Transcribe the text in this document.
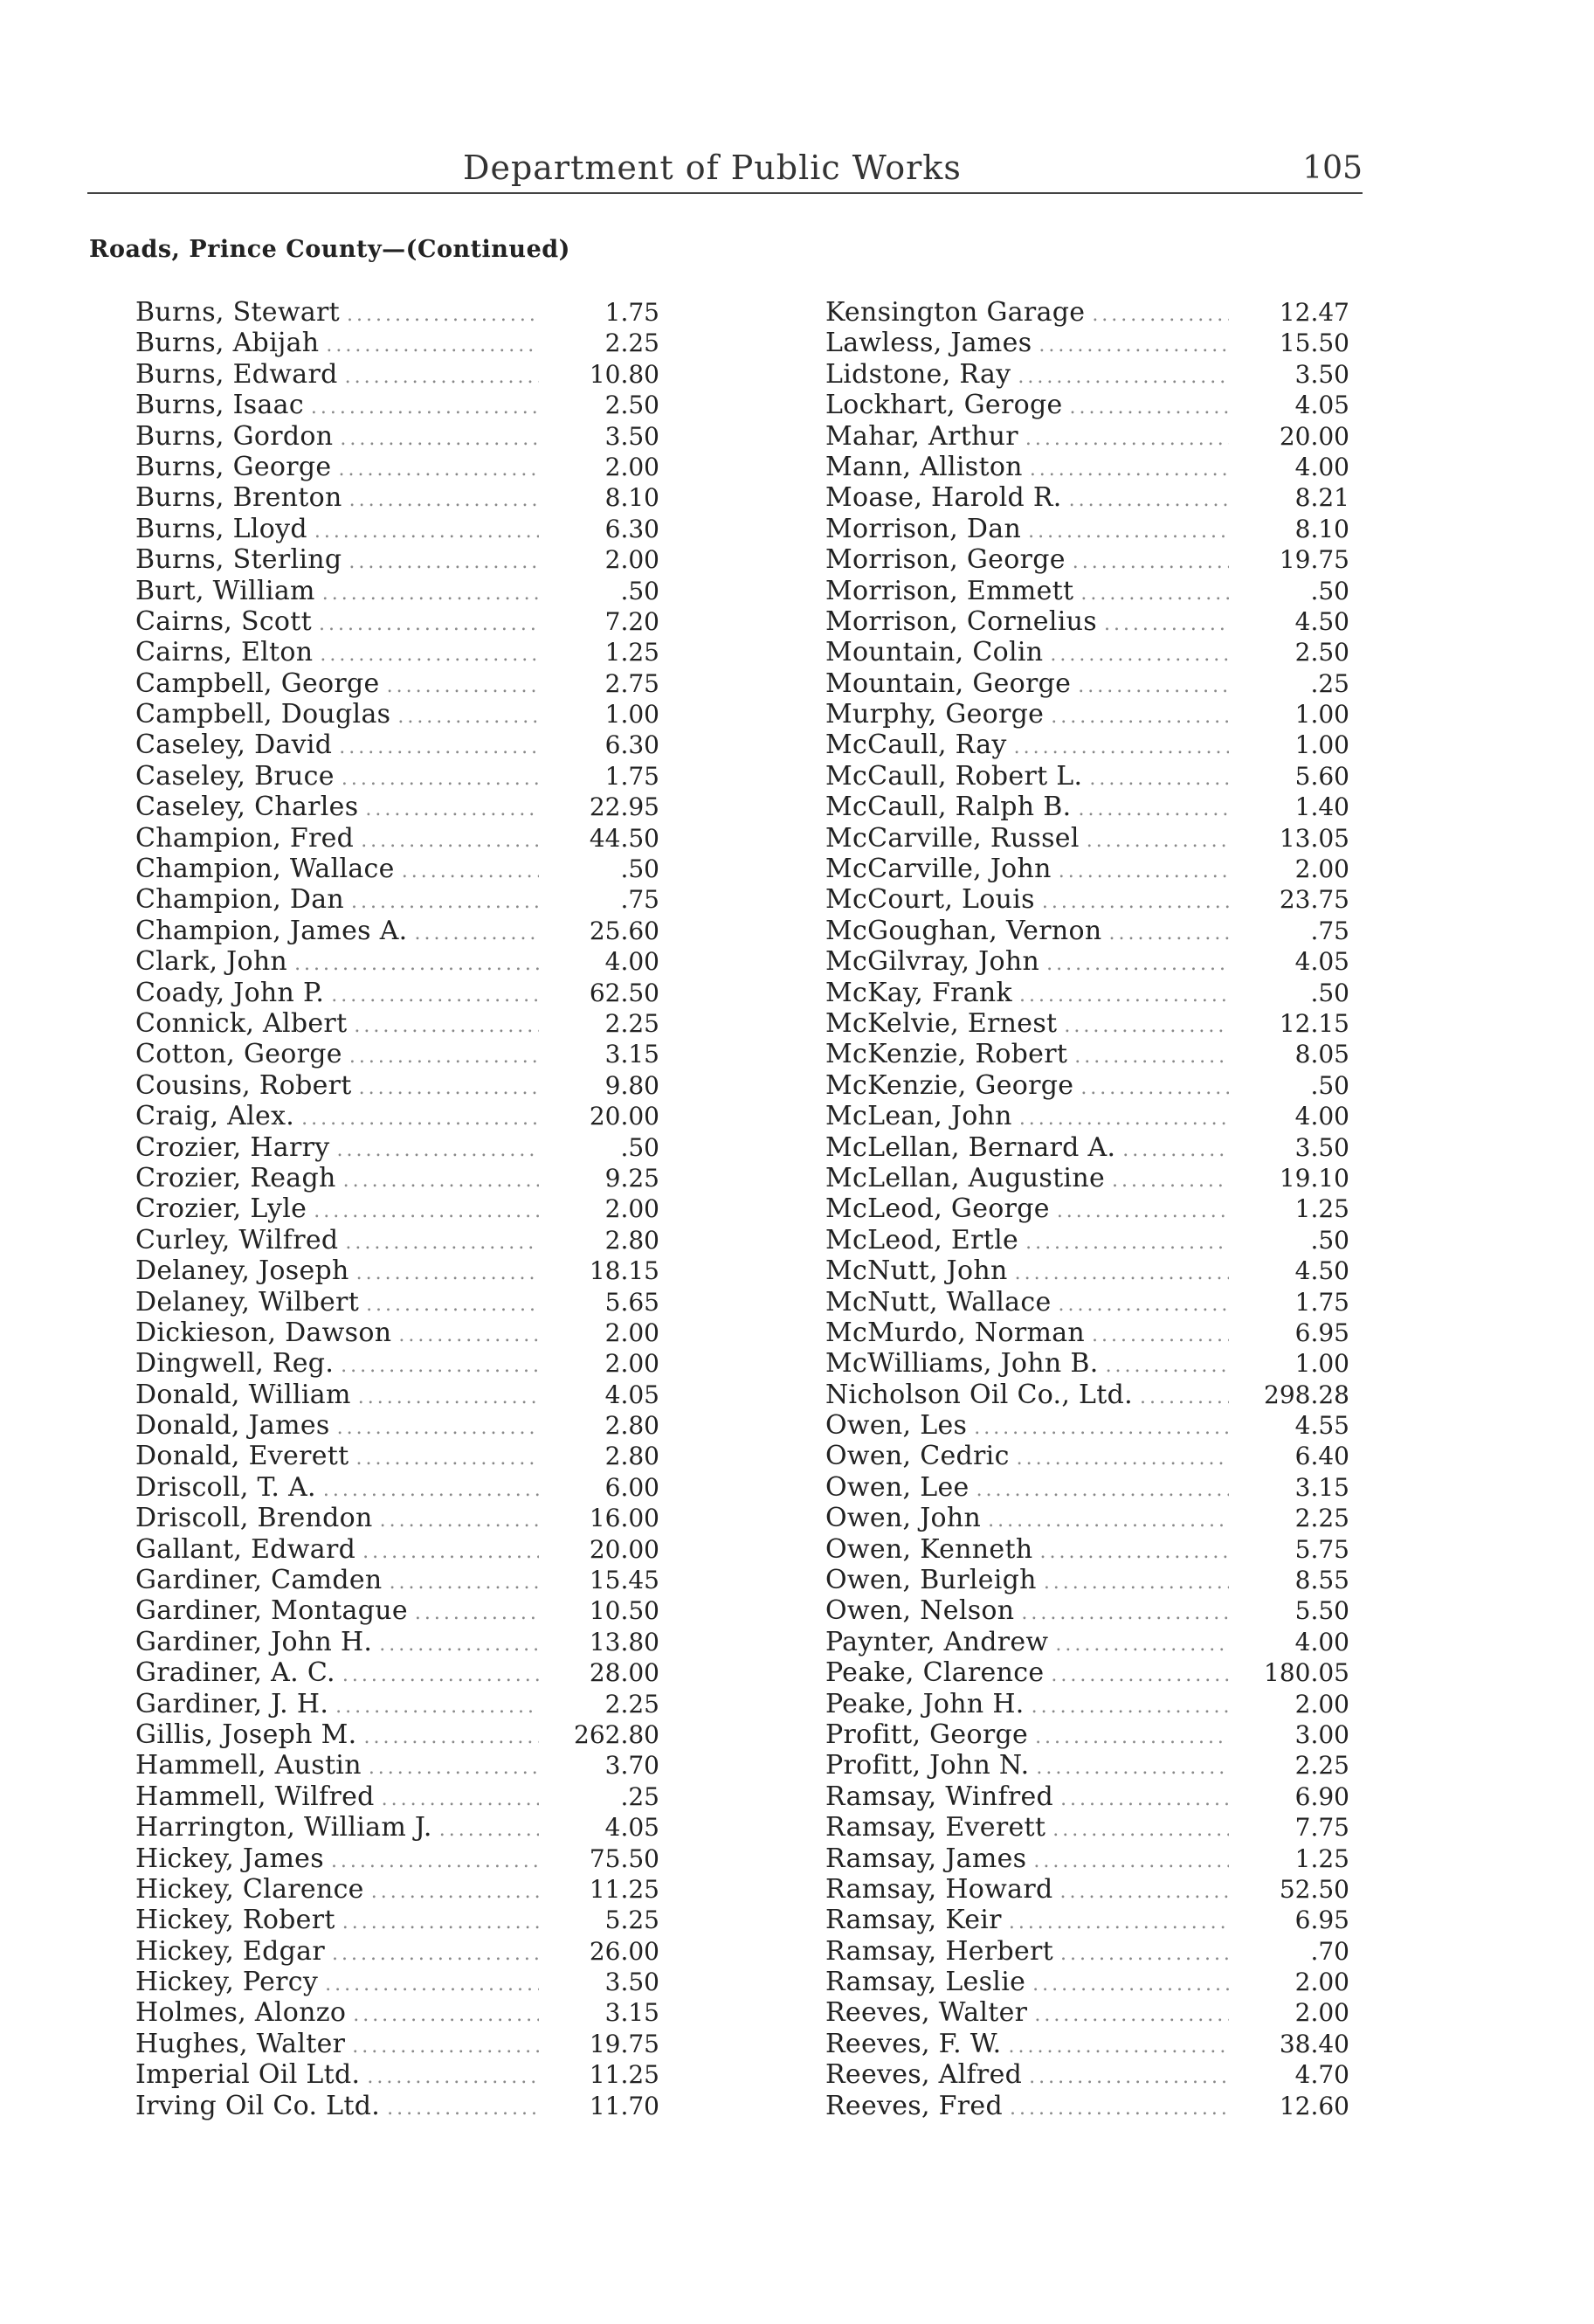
Department of Public Works	105
Roads, Prince County—(Continued)
Burns, Stewart .....	1.75
Burns, Abijah .....	2.25
Burns, Edward .....	10.80
Burns, Isaac .....	2.50
Burns, Gordon .....	3.50
Burns, George .....	2.00
Burns, Brenton .....	8.10
Burns, Lloyd .....	6.30
Burns, Sterling .....	2.00
Burt, William .....	.50
Cairns, Scott .....	7.20
Cairns, Elton .....	1.25
Campbell, George .....	2.75
Campbell, Douglas .....	1.00
Caseley, David .....	6.30
Caseley, Bruce .....	1.75
Caseley, Charles .....	22.95
Champion, Fred .....	44.50
Champion, Wallace .....	.50
Champion, Dan .....	.75
Champion, James A. .....	25.60
Clark, John .....	4.00
Coady, John P. .....	62.50
Connick, Albert .....	2.25
Cotton, George .....	3.15
Cousins, Robert .....	9.80
Craig, Alex. .....	20.00
Crozier, Harry .....	.50
Crozier, Reagh .....	9.25
Crozier, Lyle .....	2.00
Curley, Wilfred .....	2.80
Delaney, Joseph .....	18.15
Delaney, Wilbert .....	5.65
Dickieson, Dawson .....	2.00
Dingwell, Reg. .....	2.00
Donald, William .....	4.05
Donald, James .....	2.80
Donald, Everett .....	2.80
Driscoll, T. A. .....	6.00
Driscoll, Brendon .....	16.00
Gallant, Edward .....	20.00
Gardiner, Camden .....	15.45
Gardiner, Montague .....	10.50
Gardiner, John H. .....	13.80
Gradiner, A. C. .....	28.00
Gardiner, J. H. .....	2.25
Gillis, Joseph M. .....	262.80
Hammell, Austin .....	3.70
Hammell, Wilfred .....	.25
Harrington, William J. .....	4.05
Hickey, James .....	75.50
Hickey, Clarence .....	11.25
Hickey, Robert .....	5.25
Hickey, Edgar .....	26.00
Hickey, Percy .....	3.50
Holmes, Alonzo .....	3.15
Hughes, Walter .....	19.75
Imperial Oil Ltd. .....	11.25
Irving Oil Co. Ltd. .....	11.70
Kensington Garage .....	12.47
Lawless, James .....	15.50
Lidstone, Ray .....	3.50
Lockhart, Geroge .....	4.05
Mahar, Arthur .....	20.00
Mann, Alliston .....	4.00
Moase, Harold R. .....	8.21
Morrison, Dan .....	8.10
Morrison, George .....	19.75
Morrison, Emmett .....	.50
Morrison, Cornelius .....	4.50
Mountain, Colin .....	2.50
Mountain, George .....	.25
Murphy, George .....	1.00
McCaull, Ray .....	1.00
McCaull, Robert L. .....	5.60
McCaull, Ralph B. .....	1.40
McCarville, Russel .....	13.05
McCarville, John .....	2.00
McCourt, Louis .....	23.75
McGoughan, Vernon .....	.75
McGilvray, John .....	4.05
McKay, Frank .....	.50
McKelvie, Ernest .....	12.15
McKenzie, Robert .....	8.05
McKenzie, George .....	.50
McLean, John .....	4.00
McLellan, Bernard A. .....	3.50
McLellan, Augustine .....	19.10
McLeod, George .....	1.25
McLeod, Ertle .....	.50
McNutt, John .....	4.50
McNutt, Wallace .....	1.75
McMurdo, Norman .....	6.95
McWilliams, John B. .....	1.00
Nicholson Oil Co., Ltd. .....	298.28
Owen, Les .....	4.55
Owen, Cedric .....	6.40
Owen, Lee .....	3.15
Owen, John .....	2.25
Owen, Kenneth .....	5.75
Owen, Burleigh .....	8.55
Owen, Nelson .....	5.50
Paynter, Andrew .....	4.00
Peake, Clarence .....	180.05
Peake, John H. .....	2.00
Profitt, George .....	3.00
Profitt, John N. .....	2.25
Ramsay, Winfred .....	6.90
Ramsay, Everett .....	7.75
Ramsay, James .....	1.25
Ramsay, Howard .....	52.50
Ramsay, Keir .....	6.95
Ramsay, Herbert .....	.70
Ramsay, Leslie .....	2.00
Reeves, Walter .....	2.00
Reeves, F. W. .....	38.40
Reeves, Alfred .....	4.70
Reeves, Fred .....	12.60
